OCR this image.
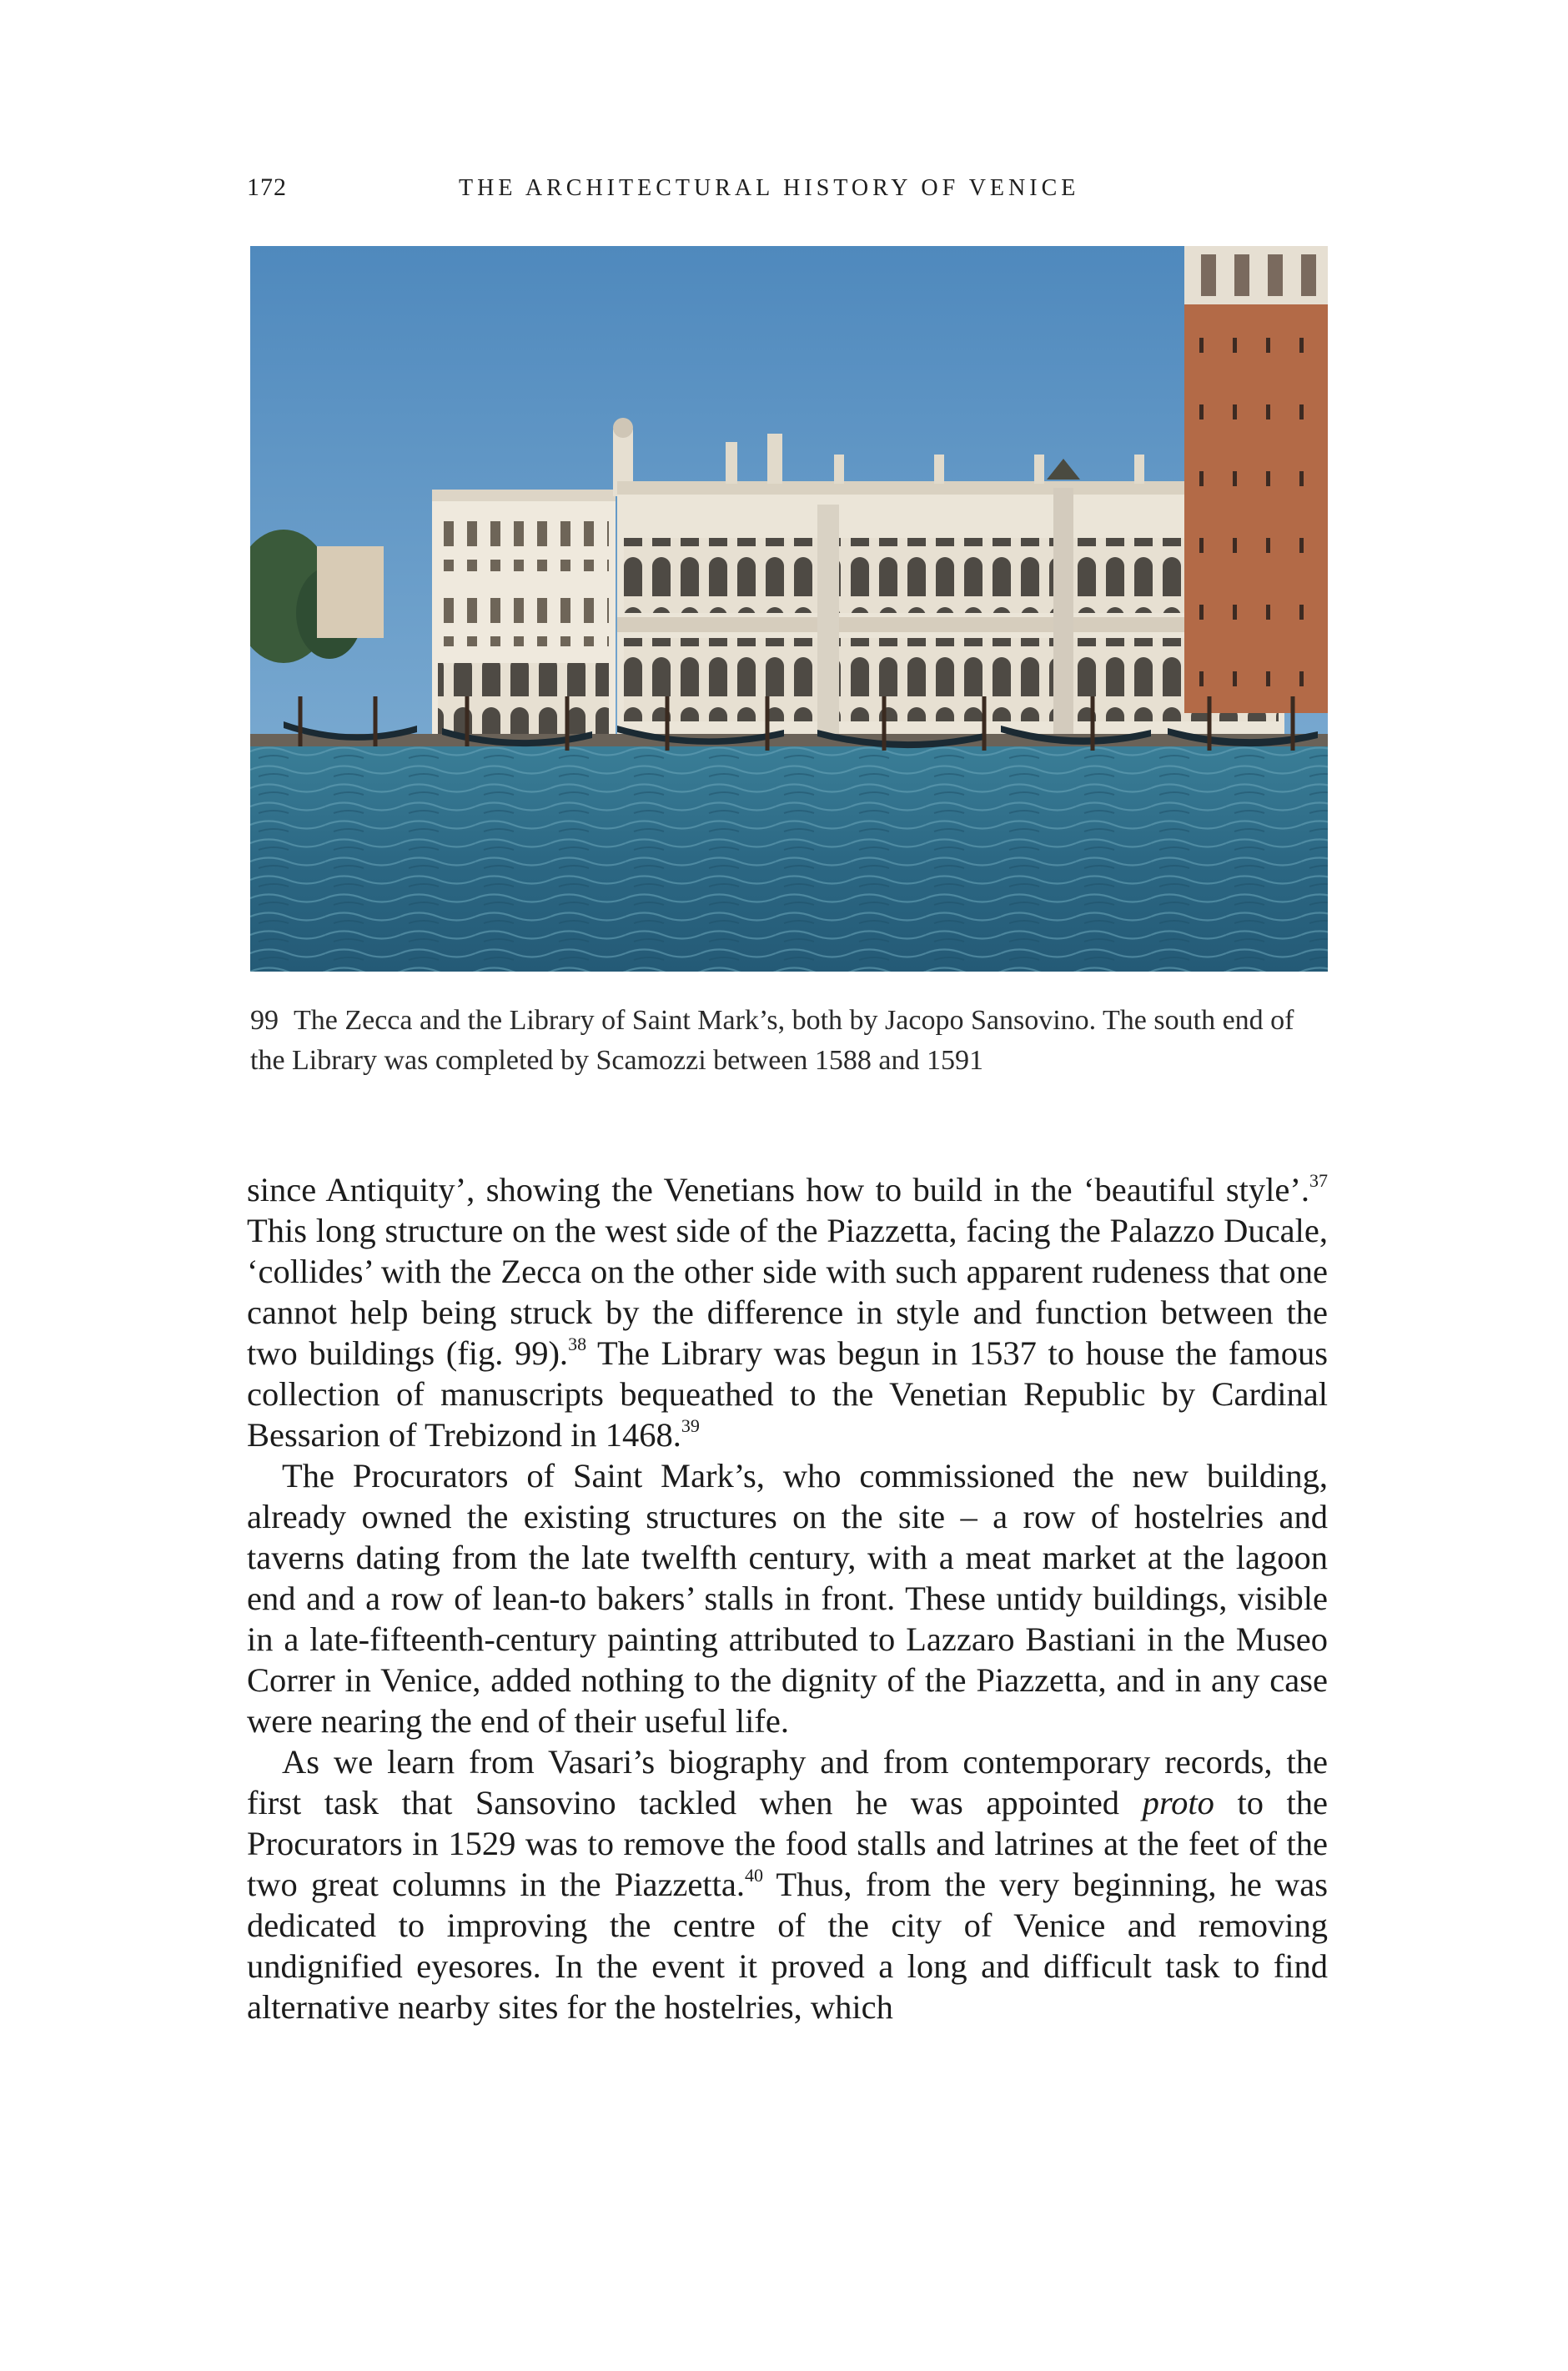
172	THE ARCHITECTURAL HISTORY OF VENICE
99 The Zecca and the Library of Saint Mark’s, both by Jacopo Sansovino. The south end of the Library was completed by Scamozzi between 1588 and 1591

since Antiquity’, showing the Venetians how to build in the ‘beautiful style’.$^{37}$ This long structure on the west side of the Piazzetta, facing the Palazzo Ducale, ‘collides’ with the Zecca on the other side with such apparent rudeness that one cannot help being struck by the difference in style and function between the two buildings (fig. 99).$^{38}$ The Library was begun in 1537 to house the famous collection of manuscripts bequeathed to the Venetian Republic by Cardinal Bessarion of Trebizond in 1468.39

The Procurators of Saint Mark’s, who commissioned the new building, already owned the existing structures on the site – a row of hostelries and taverns dating from the late twelfth century, with a meat market at the lagoon end and a row of lean-to bakers’ stalls in front. These untidy buildings, visible in a late-fifteenth-century painting attributed to Lazzaro Bastiani in the Museo Correr in Venice, added nothing to the dignity of the Piazzetta, and in any case were nearing the end of their useful life.

As we learn from Vasari’s biography and from contemporary records, the first task that Sansovino tackled when he was appointed proto to the Procurators in 1529 was to remove the food stalls and latrines at the feet of the two great columns in the Piazzetta.$^{40}$ Thus, from the very beginning, he was dedicated to improving the centre of the city of Venice and removing undignified eyesores. In the event it proved a long and difficult task to find alternative nearby sites for the hostelries, which
